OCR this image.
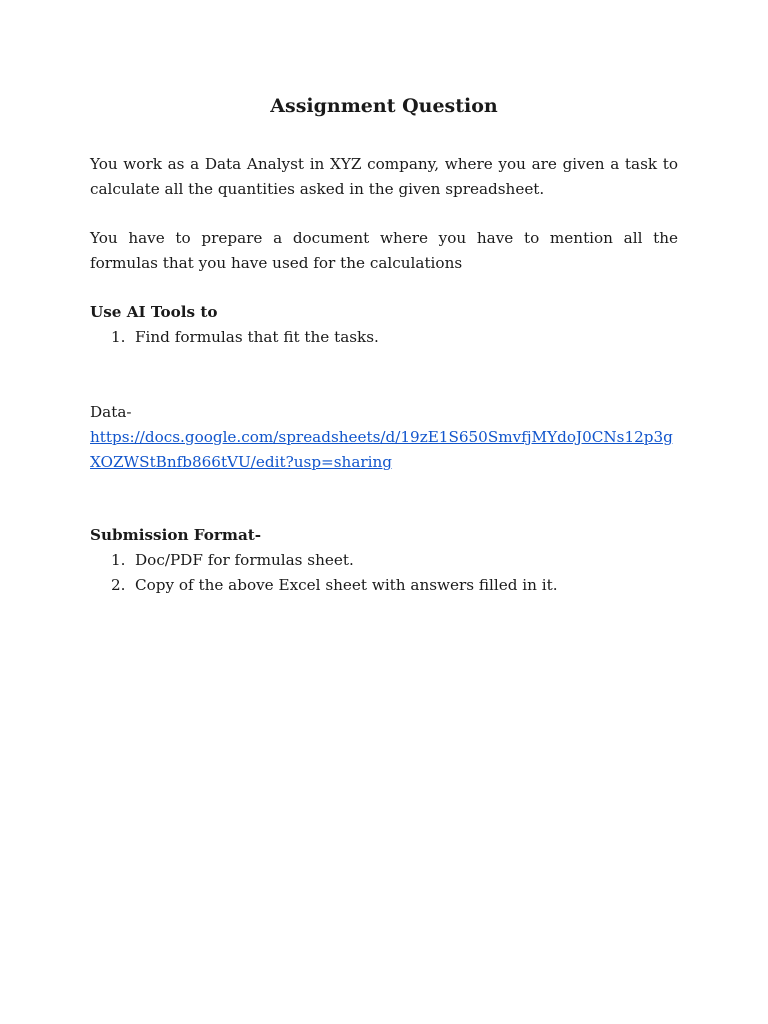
Assignment Question

You work as a Data Analyst in XYZ company, where you are given a task to calculate all the quantities asked in the given spreadsheet.

You have to prepare a document where you have to mention all the formulas that you have used for the calculations

Use AI Tools to
1. Find formulas that fit the tasks.
Data-
https://docs.google.com/spreadsheets/d/19zE1S650SmvfjMYdoJ0CNs12p3g
XOZWStBnfb866tVU/edit?usp=sharing
Submission Format-
1. Doc/PDF for formulas sheet.
2. Copy of the above Excel sheet with answers filled in it.
